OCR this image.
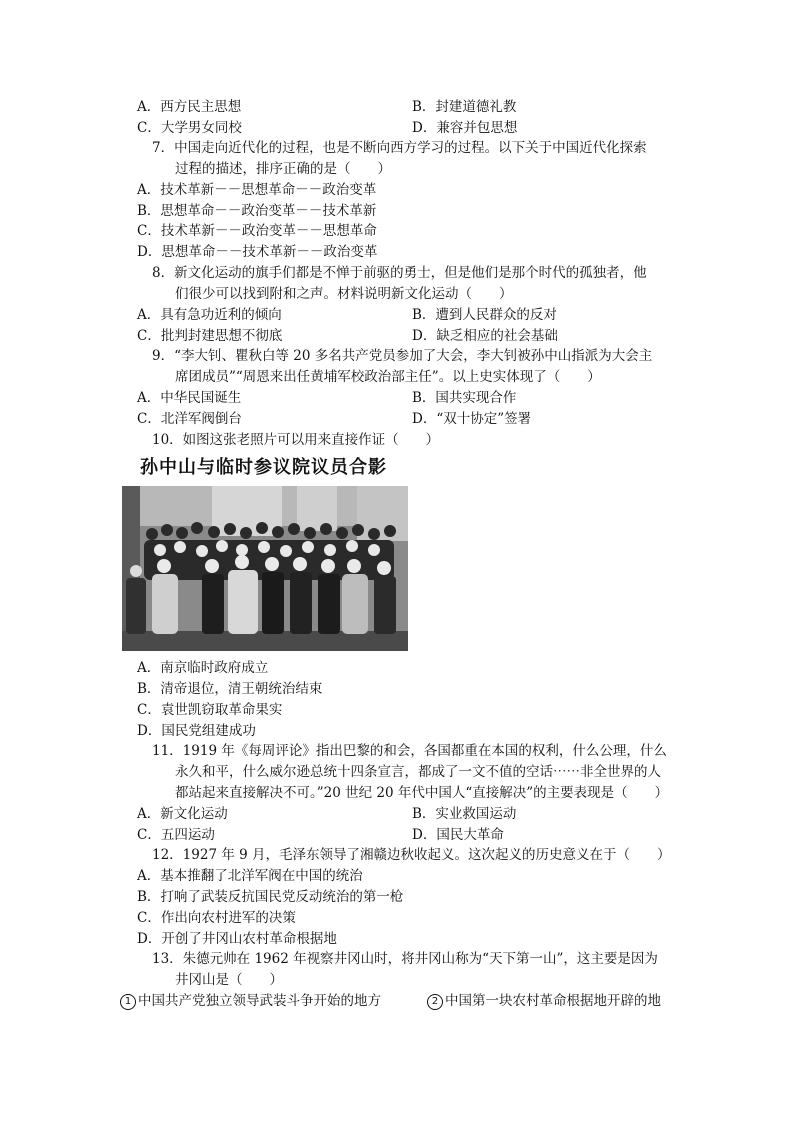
A．西方民主思想	B．封建道德礼教
C．大学男女同校	D．兼容并包思想
7．中国走向近代化的过程，也是不断向西方学习的过程。以下关于中国近代化探索
过程的描述，排序正确的是（　　）
A．技术革新－－思想革命－－政治变革
B．思想革命－－政治变革－－技术革新
C．技术革新－－政治变革－－思想革命
D．思想革命－－技术革新－－政治变革
8．新文化运动的旗手们都是不惮于前驱的勇士，但是他们是那个时代的孤独者，他
们很少可以找到附和之声。材料说明新文化运动（　　）
A．具有急功近利的倾向	B．遭到人民群众的反对
C．批判封建思想不彻底	D．缺乏相应的社会基础
9．“李大钊、瞿秋白等 20 多名共产党员参加了大会，李大钊被孙中山指派为大会主
席团成员”“周恩来出任黄埔军校政治部主任”。以上史实体现了（　　）
A．中华民国诞生	B．国共实现合作
C．北洋军阀倒台	D．“双十协定”签署
10．如图这张老照片可以用来直接作证（　　）
孙中山与临时参议院议员合影
A．南京临时政府成立
B．清帝退位，清王朝统治结束
C．袁世凯窃取革命果实
D．国民党组建成功
11．1919 年《每周评论》指出巴黎的和会，各国都重在本国的权利，什么公理，什么
永久和平，什么威尔逊总统十四条宣言，都成了一文不值的空话⋯⋯非全世界的人
都站起来直接解决不可。”20 世纪 20 年代中国人“直接解决”的主要表现是（　　）
A．新文化运动	B．实业救国运动
C．五四运动	D．国民大革命
12．1927 年 9 月，毛泽东领导了湘赣边秋收起义。这次起义的历史意义在于（　　）
A．基本推翻了北洋军阀在中国的统治
B．打响了武装反抗国民党反动统治的第一枪
C．作出向农村进军的决策
D．开创了井冈山农村革命根据地
13．朱德元帅在 1962 年视察井冈山时，将井冈山称为“天下第一山”，这主要是因为
井冈山是（　　）
1 中国共产党独立领导武装斗争开始的地方	2 中国第一块农村革命根据地开辟的地
